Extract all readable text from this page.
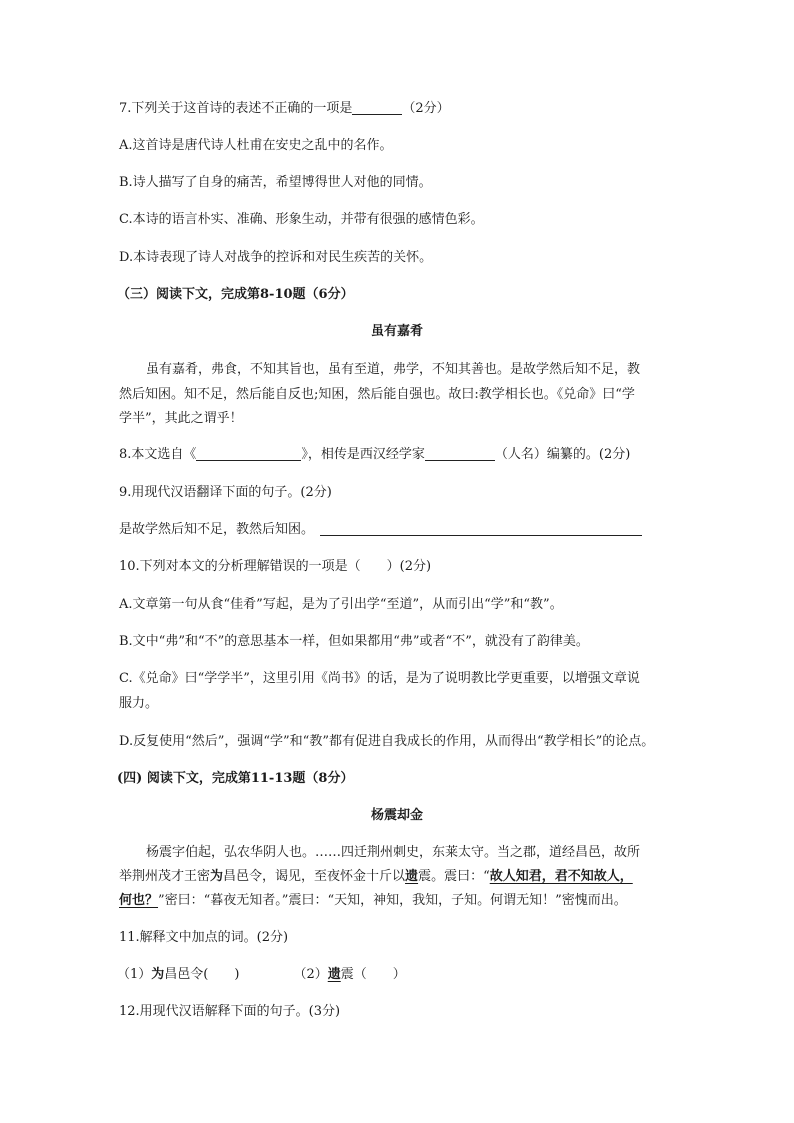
7.下列关于这首诗的表述不正确的一项是	（2分）
A.这首诗是唐代诗人杜甫在安史之乱中的名作。
B.诗人描写了自身的痛苦，希望博得世人对他的同情。
C.本诗的语言朴实、准确、形象生动，并带有很强的感情色彩。
D.本诗表现了诗人对战争的控诉和对民生疾苦的关怀。
（三）阅读下文，完成第8-10题（6分）
虽有嘉肴
虽有嘉肴，弗食，不知其旨也，虽有至道，弗学，不知其善也。是故学然后知不足，教
然后知困。知不足，然后能自反也;知困，然后能自强也。故曰:教学相长也。《兑命》曰“学
学半”，其此之谓乎！
8.本文选自《	》，相传是西汉经学家	（人名）编纂的。(2分)
9.用现代汉语翻译下面的句子。(2分)
是故学然后知不足，教然后知困。
10.下列对本文的分析理解错误的一项是（　　）(2分)
A.文章第一句从食“佳肴”写起，是为了引出学“至道”，从而引出“学”和“教”。
B.文中“弗”和“不”的意思基本一样，但如果都用“弗”或者“不”，就没有了韵律美。
C.《兑命》曰“学学半”，这里引用《尚书》的话，是为了说明教比学更重要，以增强文章说
服力。
D.反复使用“然后”，强调“学”和“教”都有促进自我成长的作用，从而得出“教学相长”的论点。
(四) 阅读下文，完成第11-13题（8分）
杨震却金
杨震字伯起，弘农华阴人也。……四迁荆州刺史，东莱太守。当之郡，道经昌邑，故所
举荆州茂才王密为昌邑令，谒见，至夜怀金十斤以遗震。震曰：“故人知君，君不知故人，
何也？”密曰：“暮夜无知者。”震曰：“天知，神知，我知，子知。何谓无知！”密愧而出。
11.解释文中加点的词。(2分)
（1）为昌邑令(　　)	（2）遗震（　　）
12.用现代汉语解释下面的句子。(3分)
